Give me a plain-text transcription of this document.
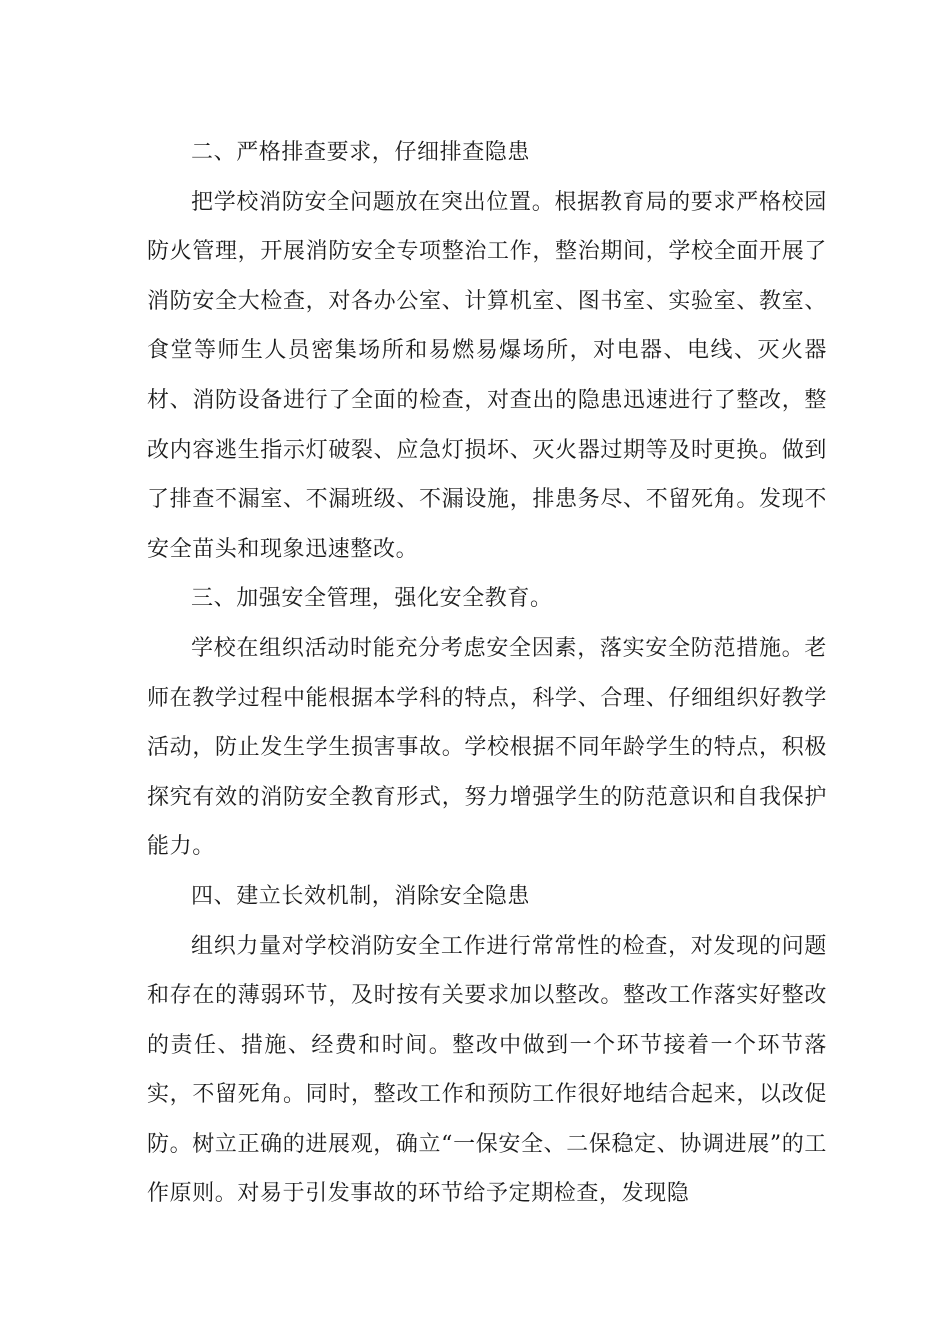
二、严格排查要求，仔细排查隐患

把学校消防安全问题放在突出位置。根据教育局的要求严格校园防火管理，开展消防安全专项整治工作，整治期间，学校全面开展了消防安全大检查，对各办公室、计算机室、图书室、实验室、教室、食堂等师生人员密集场所和易燃易爆场所，对电器、电线、灭火器材、消防设备进行了全面的检查，对查出的隐患迅速进行了整改，整改内容逃生指示灯破裂、应急灯损坏、灭火器过期等及时更换。做到了排查不漏室、不漏班级、不漏设施，排患务尽、不留死角。发现不安全苗头和现象迅速整改。

三、加强安全管理，强化安全教育。

学校在组织活动时能充分考虑安全因素，落实安全防范措施。老师在教学过程中能根据本学科的特点，科学、合理、仔细组织好教学活动，防止发生学生损害事故。学校根据不同年龄学生的特点，积极探究有效的消防安全教育形式，努力增强学生的防范意识和自我保护能力。

四、建立长效机制，消除安全隐患

组织力量对学校消防安全工作进行常常性的检查，对发现的问题和存在的薄弱环节，及时按有关要求加以整改。整改工作落实好整改的责任、措施、经费和时间。整改中做到一个环节接着一个环节落实，不留死角。同时，整改工作和预防工作很好地结合起来，以改促防。树立正确的进展观，确立“一保安全、二保稳定、协调进展”的工作原则。对易于引发事故的环节给予定期检查，发现隐
